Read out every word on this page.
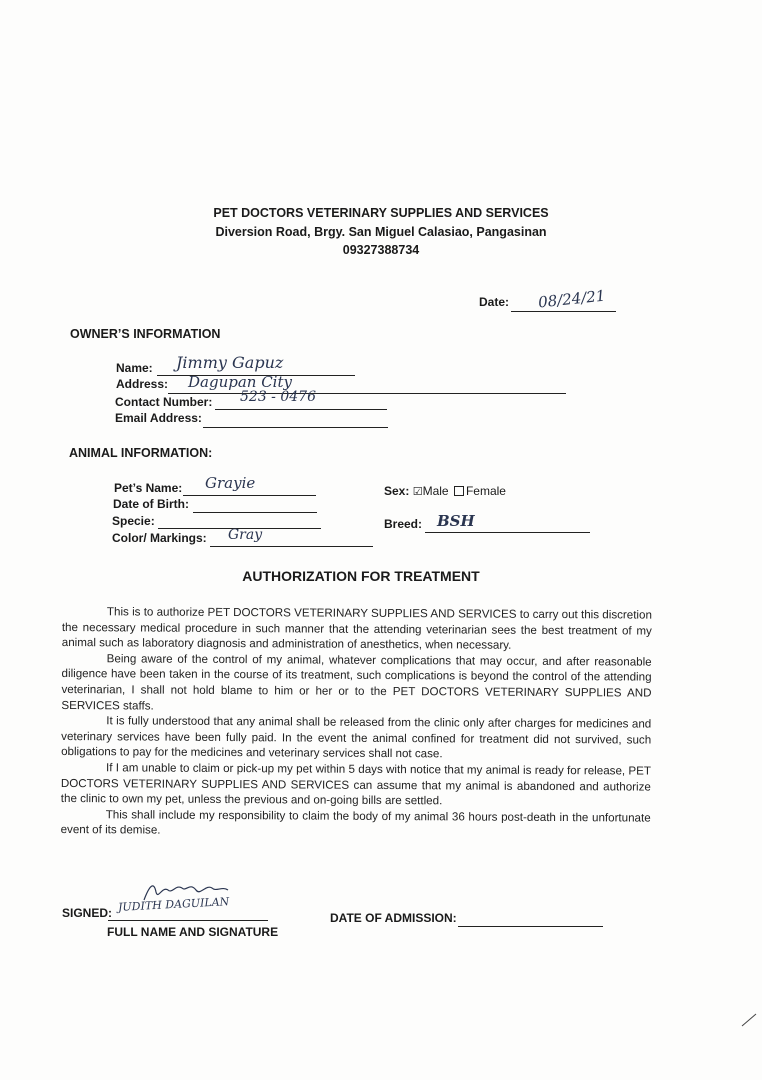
PET DOCTORS VETERINARY SUPPLIES AND SERVICES
Diversion Road, Brgy. San Miguel Calasiao, Pangasinan
09327388734
Date: 08/24/21
OWNER’S INFORMATION
Name: Jimmy Gapuz
Address: Dagupan City
Contact Number: 523 - 0476
Email Address:
ANIMAL INFORMATION:
Pet’s Name: Grayie
Date of Birth:
Specie:
Color/ Markings: Gray
Sex: ☑Male Female
Breed: BSH
AUTHORIZATION FOR TREATMENT

This is to authorize PET DOCTORS VETERINARY SUPPLIES AND SERVICES to carry out this discretion the necessary medical procedure in such manner that the attending veterinarian sees the best treatment of my animal such as laboratory diagnosis and administration of anesthetics, when necessary.

Being aware of the control of my animal, whatever complications that may occur, and after reasonable diligence have been taken in the course of its treatment, such complications is beyond the control of the attending veterinarian, I shall not hold blame to him or her or to the PET DOCTORS VETERINARY SUPPLIES AND SERVICES staffs.

It is fully understood that any animal shall be released from the clinic only after charges for medicines and veterinary services have been fully paid. In the event the animal confined for treatment did not survived, such obligations to pay for the medicines and veterinary services shall not case.

If I am unable to claim or pick-up my pet within 5 days with notice that my animal is ready for release, PET DOCTORS VETERINARY SUPPLIES AND SERVICES can assume that my animal is abandoned and authorize the clinic to own my pet, unless the previous and on-going bills are settled.

This shall include my responsibility to claim the body of my animal 36 hours post-death in the unfortunate event of its demise.

SIGNED: JUDITH DAGUILAN
FULL NAME AND SIGNATURE
DATE OF ADMISSION:
